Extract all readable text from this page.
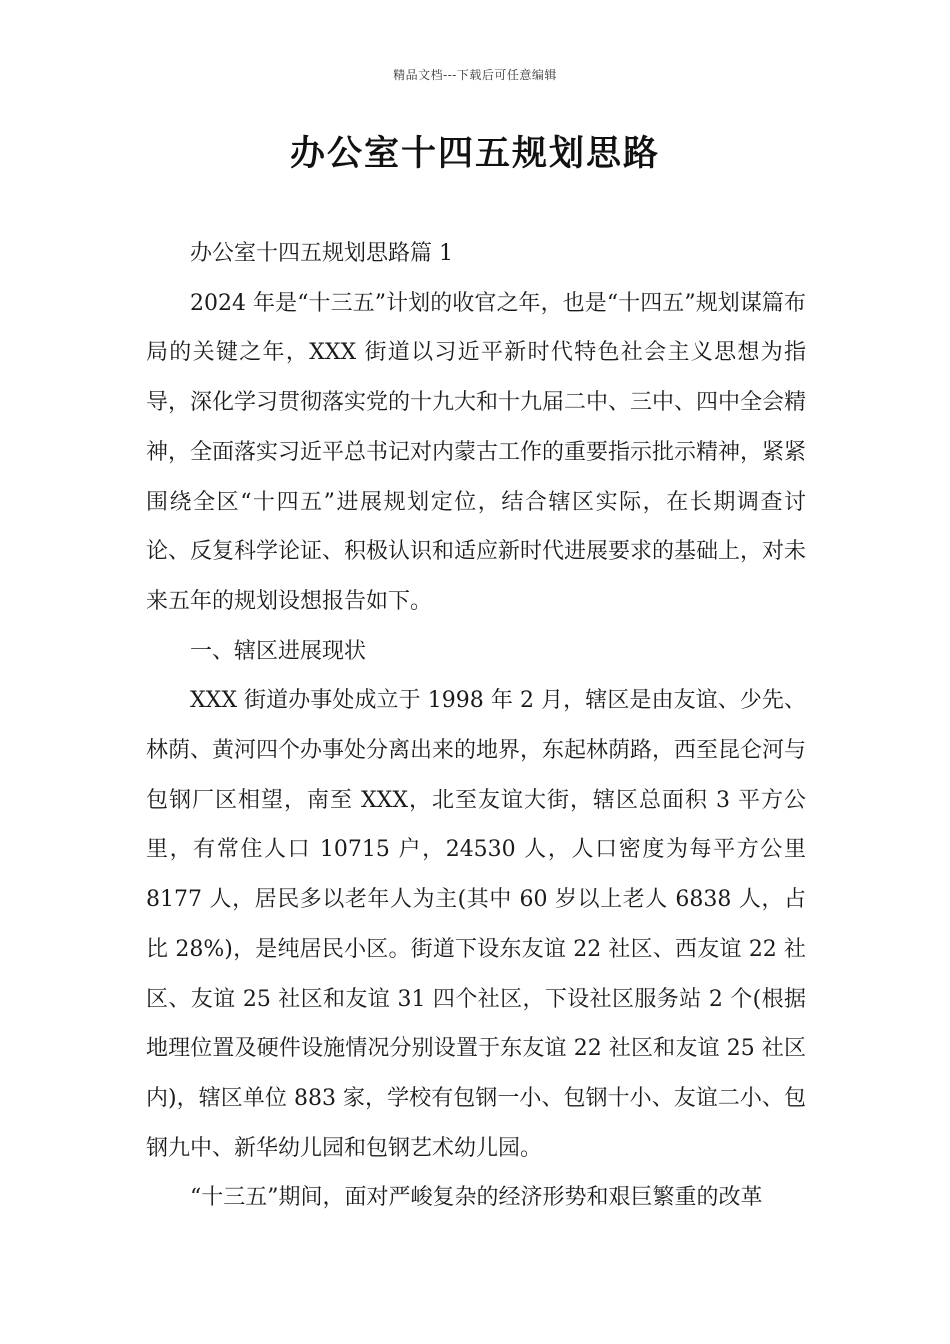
精品文档---下载后可任意编辑
办公室十四五规划思路

办公室十四五规划思路篇 1

2024 年是“十三五”计划的收官之年，也是“十四五”规划谋篇布局的关键之年，XXX 街道以习近平新时代特色社会主义思想为指导，深化学习贯彻落实党的十九大和十九届二中、三中、四中全会精神，全面落实习近平总书记对内蒙古工作的重要指示批示精神，紧紧围绕全区“十四五”进展规划定位，结合辖区实际，在长期调查讨论、反复科学论证、积极认识和适应新时代进展要求的基础上，对未来五年的规划设想报告如下。

一、辖区进展现状

XXX 街道办事处成立于 1998 年 2 月，辖区是由友谊、少先、林荫、黄河四个办事处分离出来的地界，东起林荫路，西至昆仑河与包钢厂区相望，南至 XXX，北至友谊大街，辖区总面积 3 平方公里，有常住人口 10715 户，24530 人，人口密度为每平方公里 8177 人，居民多以老年人为主(其中 60 岁以上老人 6838 人，占比 28%)，是纯居民小区。街道下设东友谊 22 社区、西友谊 22 社区、友谊 25 社区和友谊 31 四个社区，下设社区服务站 2 个(根据地理位置及硬件设施情况分别设置于东友谊 22 社区和友谊 25 社区内)，辖区单位 883 家，学校有包钢一小、包钢十小、友谊二小、包钢九中、新华幼儿园和包钢艺术幼儿园。

“十三五”期间，面对严峻复杂的经济形势和艰巨繁重的改革
